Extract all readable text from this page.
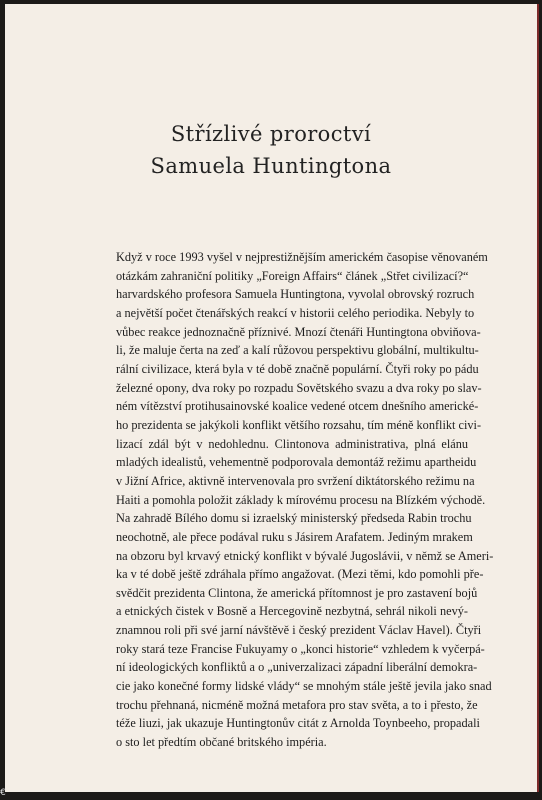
Střízlivé proroctví
Samuela Huntingtona
Když v roce 1993 vyšel v nejprestižnějším americkém časopise věnovaném
otázkám zahraniční politiky „Foreign Affairs“ článek „Střet civilizací?“
harvardského profesora Samuela Huntingtona, vyvolal obrovský rozruch
a největší počet čtenářských reakcí v historii celého periodika. Nebyly to
vůbec reakce jednoznačně příznivé. Mnozí čtenáři Huntingtona obviňova-
li, že maluje čerta na zeď a kalí růžovou perspektivu globální, multikultu-
rální civilizace, která byla v té době značně populární. Čtyři roky po pádu
železné opony, dva roky po rozpadu Sovětského svazu a dva roky po slav-
ném vítězství protihusainovské koalice vedené otcem dnešního americké-
ho prezidenta se jakýkoli konflikt většího rozsahu, tím méně konflikt civi-
lizací zdál být v nedohlednu. Clintonova administrativa, plná elánu
mladých idealistů, vehementně podporovala demontáž režimu apartheidu
v Jižní Africe, aktivně intervenovala pro svržení diktátorského režimu na
Haiti a pomohla položit základy k mírovému procesu na Blízkém východě.
Na zahradě Bílého domu si izraelský ministerský předseda Rabin trochu
neochotně, ale přece podával ruku s Jásirem Arafatem. Jediným mrakem
na obzoru byl krvavý etnický konflikt v bývalé Jugoslávii, v němž se Ameri-
ka v té době ještě zdráhala přímo angažovat. (Mezi těmi, kdo pomohli pře-
svědčit prezidenta Clintona, že americká přítomnost je pro zastavení bojů
a etnických čistek v Bosně a Hercegovině nezbytná, sehrál nikoli nevý-
znamnou roli při své jarní návštěvě i český prezident Václav Havel). Čtyři
roky stará teze Francise Fukuyamy o „konci historie“ vzhledem k vyčerpá-
ní ideologických konfliktů a o „univerzalizaci západní liberální demokra-
cie jako konečné formy lidské vlády“ se mnohým stále ještě jevila jako snad
trochu přehnaná, nicméně možná metafora pro stav světa, a to i přesto, že
téže liuzi, jak ukazuje Huntingtonův citát z Arnolda Toynbeeho, propadali
o sto let předtím občané britského impéria.
€
